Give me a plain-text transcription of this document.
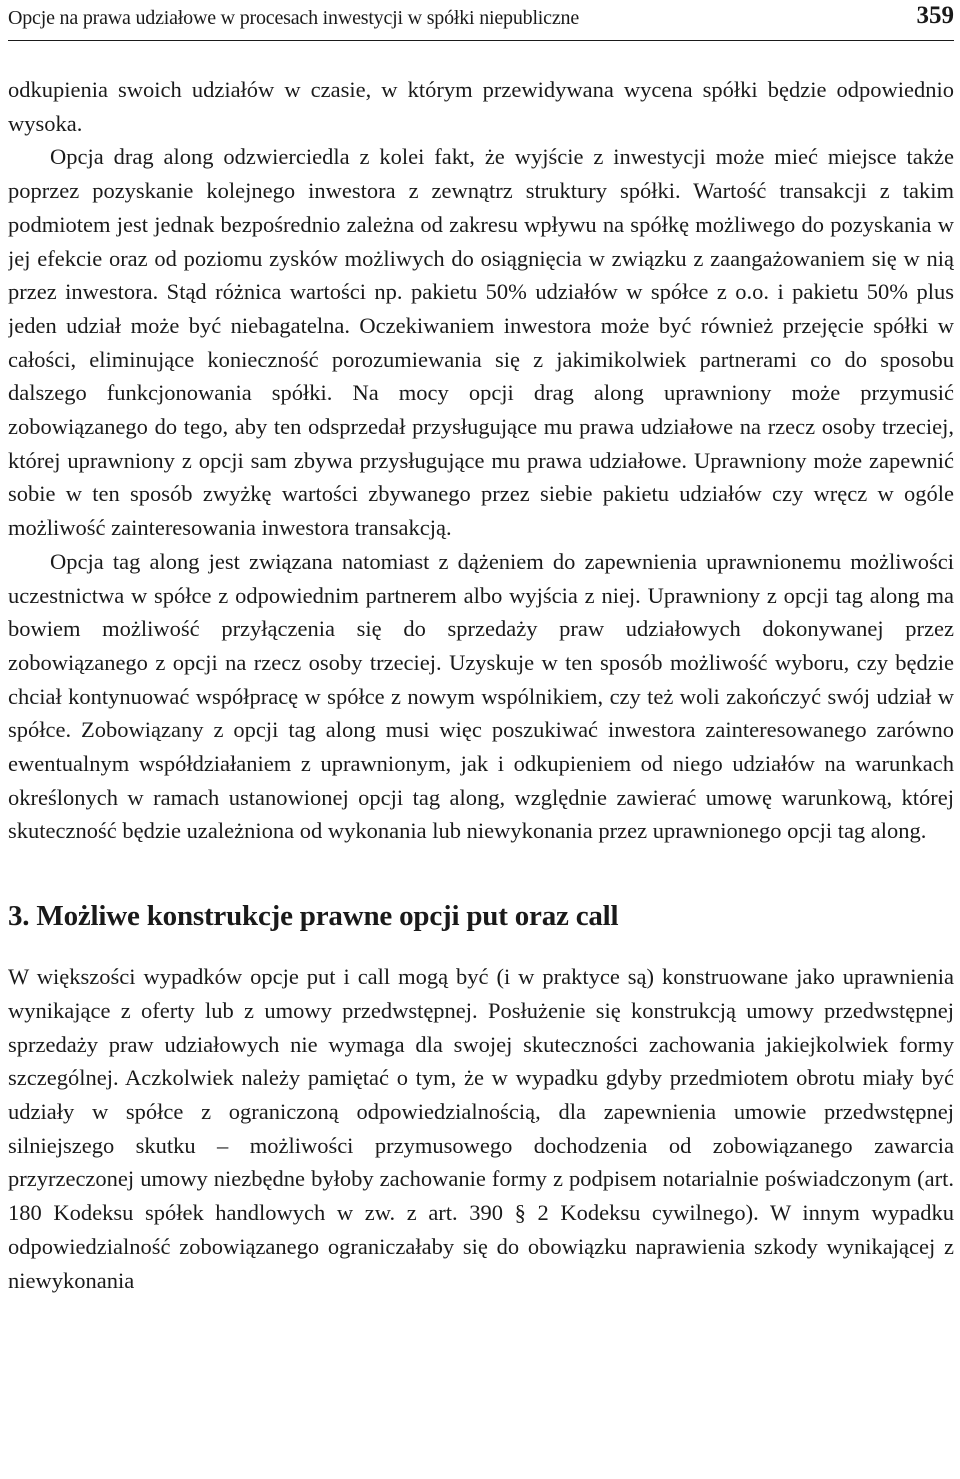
Opcje na prawa udziałowe w procesach inwestycji w spółki niepubliczne	359

odkupienia swoich udziałów w czasie, w którym przewidywana wycena spółki będzie odpowiednio wysoka.

Opcja drag along odzwierciedla z kolei fakt, że wyjście z inwestycji może mieć miejsce także poprzez pozyskanie kolejnego inwestora z zewnątrz struktury spółki. Wartość transakcji z takim podmiotem jest jednak bezpośrednio zależna od zakresu wpływu na spółkę możliwego do pozyskania w jej efekcie oraz od poziomu zysków możliwych do osiągnięcia w związku z zaangażowaniem się w nią przez inwestora. Stąd różnica wartości np. pakietu 50% udziałów w spółce z o.o. i pakietu 50% plus jeden udział może być niebagatelna. Oczekiwaniem inwestora może być również przejęcie spółki w całości, eliminujące konieczność porozumiewania się z jakimikolwiek partnerami co do sposobu dalszego funkcjonowania spółki. Na mocy opcji drag along uprawniony może przymusić zobowiązanego do tego, aby ten odsprzedał przysługujące mu prawa udziałowe na rzecz osoby trzeciej, której uprawniony z opcji sam zbywa przysługujące mu prawa udziałowe. Uprawniony może zapewnić sobie w ten sposób zwyżkę wartości zbywanego przez siebie pakietu udziałów czy wręcz w ogóle możliwość zainteresowania inwestora transakcją.

Opcja tag along jest związana natomiast z dążeniem do zapewnienia uprawnionemu możliwości uczestnictwa w spółce z odpowiednim partnerem albo wyjścia z niej. Uprawniony z opcji tag along ma bowiem możliwość przyłączenia się do sprzedaży praw udziałowych dokonywanej przez zobowiązanego z opcji na rzecz osoby trzeciej. Uzyskuje w ten sposób możliwość wyboru, czy będzie chciał kontynuować współpracę w spółce z nowym wspólnikiem, czy też woli zakończyć swój udział w spółce. Zobowiązany z opcji tag along musi więc poszukiwać inwestora zainteresowanego zarówno ewentualnym współdziałaniem z uprawnionym, jak i odkupieniem od niego udziałów na warunkach określonych w ramach ustanowionej opcji tag along, względnie zawierać umowę warunkową, której skuteczność będzie uzależniona od wykonania lub niewykonania przez uprawnionego opcji tag along.

3. Możliwe konstrukcje prawne opcji put oraz call

W większości wypadków opcje put i call mogą być (i w praktyce są) konstruowane jako uprawnienia wynikające z oferty lub z umowy przedwstępnej. Posłużenie się konstrukcją umowy przedwstępnej sprzedaży praw udziałowych nie wymaga dla swojej skuteczności zachowania jakiejkolwiek formy szczególnej. Aczkolwiek należy pamiętać o tym, że w wypadku gdyby przedmiotem obrotu miały być udziały w spółce z ograniczoną odpowiedzialnością, dla zapewnienia umowie przedwstępnej silniejszego skutku – możliwości przymusowego dochodzenia od zobowiązanego zawarcia przyrzeczonej umowy niezbędne byłoby zachowanie formy z podpisem notarialnie poświadczonym (art. 180 Kodeksu spółek handlowych w zw. z art. 390 § 2 Kodeksu cywilnego). W innym wypadku odpowiedzialność zobowiązanego ograniczałaby się do obowiązku naprawienia szkody wynikającej z niewykonania
